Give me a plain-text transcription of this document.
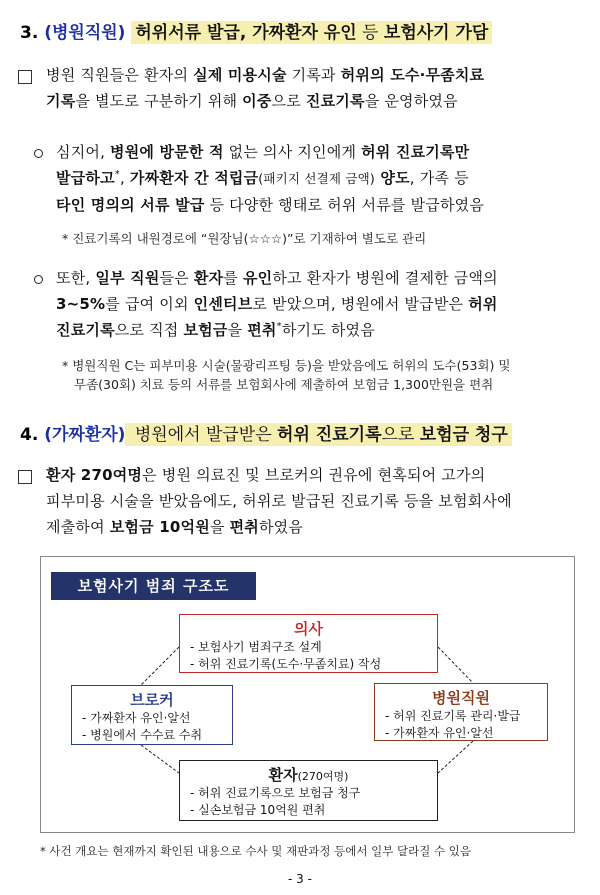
3. (병원직원) 허위서류 발급, 가짜환자 유인 등 보험사기 가담
병원 직원들은 환자의 실제 미용시술 기록과 허위의 도수·무좀치료
기록을 별도로 구분하기 위해 이중으로 진료기록을 운영하였음
심지어, 병원에 방문한 적 없는 의사 지인에게 허위 진료기록만
발급하고*, 가짜환자 간 적립금(패키지 선결제 금액) 양도, 가족 등
타인 명의의 서류 발급 등 다양한 행태로 허위 서류를 발급하였음
* 진료기록의 내원경로에 “원장님(☆☆☆)”로 기재하여 별도로 관리
또한, 일부 직원들은 환자를 유인하고 환자가 병원에 결제한 금액의
3~5%를 급여 이외 인센티브로 받았으며, 병원에서 발급받은 허위
진료기록으로 직접 보험금을 편취*하기도 하였음
* 병원직원 C는 피부미용 시술(물광리프팅 등)을 받았음에도 허위의 도수(53회) 및
무좀(30회) 치료 등의 서류를 보험회사에 제출하여 보험금 1,300만원을 편취
4. (가짜환자) 병원에서 발급받은 허위 진료기록으로 보험금 청구
환자 270여명은 병원 의료진 및 브로커의 권유에 현혹되어 고가의
피부미용 시술을 받았음에도, 허위로 발급된 진료기록 등을 보험회사에
제출하여 보험금 10억원을 편취하였음
보험사기 범죄 구조도
의사
- 보험사기 범죄구조 설계
- 허위 진료기록(도수·무좀치료) 작성
브로커
- 가짜환자 유인·알선
- 병원에서 수수료 수취
병원직원
- 허위 진료기록 관리·발급
- 가짜환자 유인·알선
환자(270여명)
- 허위 진료기록으로 보험금 청구
- 실손보험금 10억원 편취
* 사건 개요는 현재까지 확인된 내용으로 수사 및 재판과정 등에서 일부 달라질 수 있음
- 3 -
